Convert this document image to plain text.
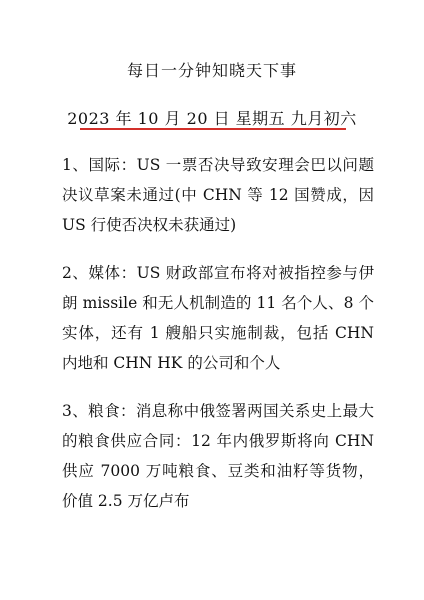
每日一分钟知晓天下事
2023 年 10 月 20 日 星期五 九月初六
1、国际：US 一票否决导致安理会巴以问题决议草案未通过(中 CHN 等 12 国赞成，因 US 行使否决权未获通过)
2、媒体：US 财政部宣布将对被指控参与伊朗 missile 和无人机制造的 11 名个人、8 个实体，还有 1 艘船只实施制裁，包括 CHN 内地和 CHN HK 的公司和个人
3、粮食：消息称中俄签署两国关系史上最大的粮食供应合同：12 年内俄罗斯将向 CHN 供应 7000 万吨粮食、豆类和油籽等货物，价值 2.5 万亿卢布
